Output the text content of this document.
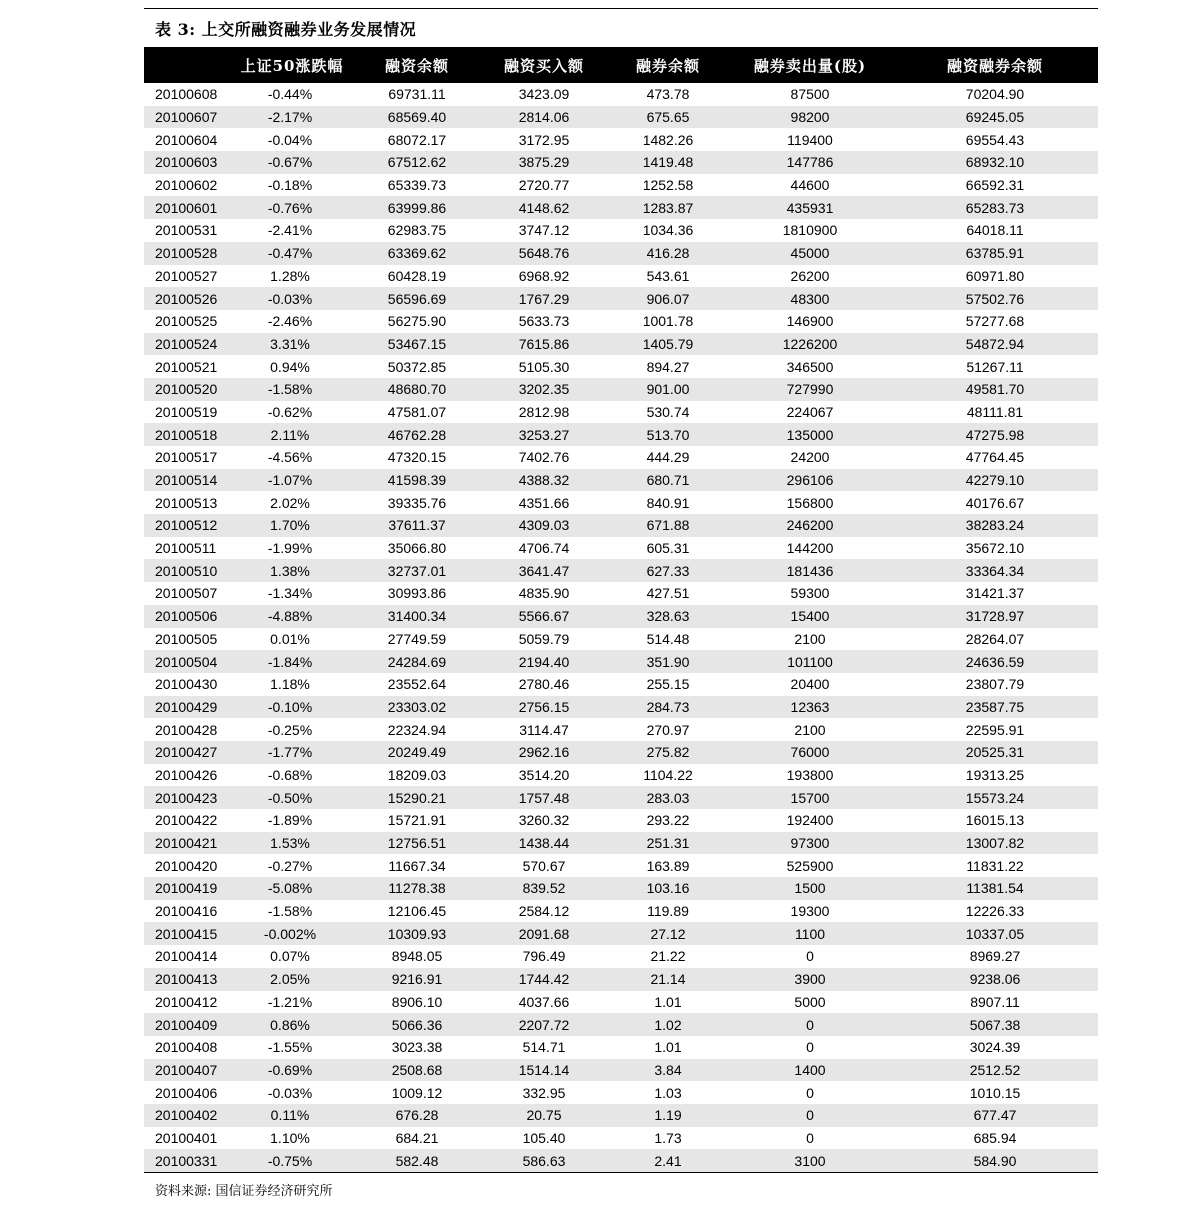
表 3: 上交所融资融券业务发展情况
	上证50涨跌幅	融资余额	融资买入额	融券余额	融券卖出量(股)	融资融券余额
20100608	-0.44%	69731.11	3423.09	473.78	87500	70204.90
20100607	-2.17%	68569.40	2814.06	675.65	98200	69245.05
20100604	-0.04%	68072.17	3172.95	1482.26	119400	69554.43
20100603	-0.67%	67512.62	3875.29	1419.48	147786	68932.10
20100602	-0.18%	65339.73	2720.77	1252.58	44600	66592.31
20100601	-0.76%	63999.86	4148.62	1283.87	435931	65283.73
20100531	-2.41%	62983.75	3747.12	1034.36	1810900	64018.11
20100528	-0.47%	63369.62	5648.76	416.28	45000	63785.91
20100527	1.28%	60428.19	6968.92	543.61	26200	60971.80
20100526	-0.03%	56596.69	1767.29	906.07	48300	57502.76
20100525	-2.46%	56275.90	5633.73	1001.78	146900	57277.68
20100524	3.31%	53467.15	7615.86	1405.79	1226200	54872.94
20100521	0.94%	50372.85	5105.30	894.27	346500	51267.11
20100520	-1.58%	48680.70	3202.35	901.00	727990	49581.70
20100519	-0.62%	47581.07	2812.98	530.74	224067	48111.81
20100518	2.11%	46762.28	3253.27	513.70	135000	47275.98
20100517	-4.56%	47320.15	7402.76	444.29	24200	47764.45
20100514	-1.07%	41598.39	4388.32	680.71	296106	42279.10
20100513	2.02%	39335.76	4351.66	840.91	156800	40176.67
20100512	1.70%	37611.37	4309.03	671.88	246200	38283.24
20100511	-1.99%	35066.80	4706.74	605.31	144200	35672.10
20100510	1.38%	32737.01	3641.47	627.33	181436	33364.34
20100507	-1.34%	30993.86	4835.90	427.51	59300	31421.37
20100506	-4.88%	31400.34	5566.67	328.63	15400	31728.97
20100505	0.01%	27749.59	5059.79	514.48	2100	28264.07
20100504	-1.84%	24284.69	2194.40	351.90	101100	24636.59
20100430	1.18%	23552.64	2780.46	255.15	20400	23807.79
20100429	-0.10%	23303.02	2756.15	284.73	12363	23587.75
20100428	-0.25%	22324.94	3114.47	270.97	2100	22595.91
20100427	-1.77%	20249.49	2962.16	275.82	76000	20525.31
20100426	-0.68%	18209.03	3514.20	1104.22	193800	19313.25
20100423	-0.50%	15290.21	1757.48	283.03	15700	15573.24
20100422	-1.89%	15721.91	3260.32	293.22	192400	16015.13
20100421	1.53%	12756.51	1438.44	251.31	97300	13007.82
20100420	-0.27%	11667.34	570.67	163.89	525900	11831.22
20100419	-5.08%	11278.38	839.52	103.16	1500	11381.54
20100416	-1.58%	12106.45	2584.12	119.89	19300	12226.33
20100415	-0.002%	10309.93	2091.68	27.12	1100	10337.05
20100414	0.07%	8948.05	796.49	21.22	0	8969.27
20100413	2.05%	9216.91	1744.42	21.14	3900	9238.06
20100412	-1.21%	8906.10	4037.66	1.01	5000	8907.11
20100409	0.86%	5066.36	2207.72	1.02	0	5067.38
20100408	-1.55%	3023.38	514.71	1.01	0	3024.39
20100407	-0.69%	2508.68	1514.14	3.84	1400	2512.52
20100406	-0.03%	1009.12	332.95	1.03	0	1010.15
20100402	0.11%	676.28	20.75	1.19	0	677.47
20100401	1.10%	684.21	105.40	1.73	0	685.94
20100331	-0.75%	582.48	586.63	2.41	3100	584.90
资料来源: 国信证券经济研究所
